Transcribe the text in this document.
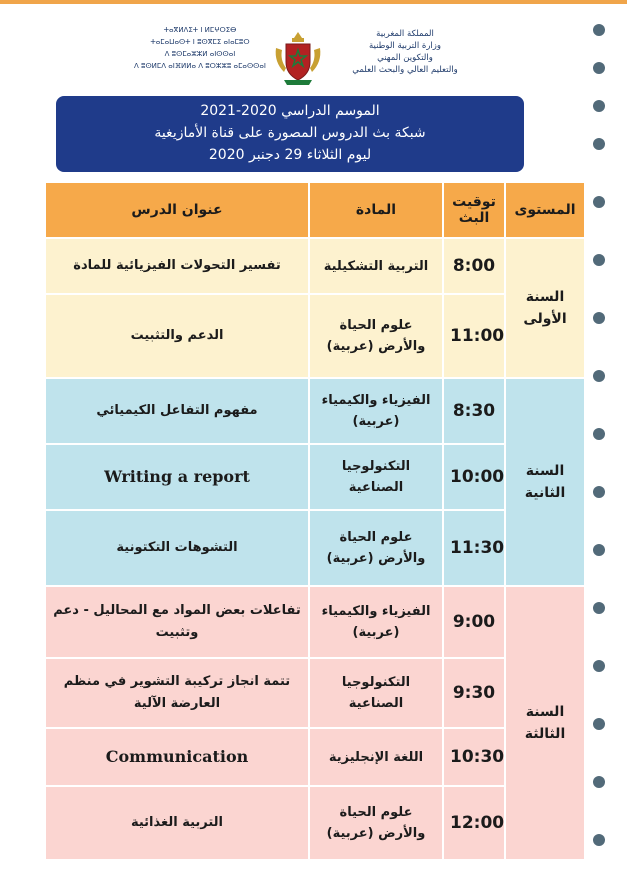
ⵜⴰⴳⵍⴷⵉⵜ ⵏ ⵍⵎⵖⵔⵉⴱ
ⵜⴰⵎⴰⵡⴰⵙⵜ ⵏ ⵓⵙⴳⵎⵉ ⴰⵏⴰⵎⵓⵔ
ⴷ ⵓⵙⵎⴰⵣⵣⵍ ⴰⵏⵙⵙⴰⵏ
ⴷ ⵓⵙⵍⵎⴷ ⴰⵏⴼⵍⵍⴰ ⴷ ⵓⵔⵣⵣⵓ ⴰⵎⴰⵙⵙⴰⵏ
المملكة المغربية
وزارة التربية الوطنية
والتكوين المهني
والتعليم العالي والبحث العلمي
الموسم الدراسي 2020-2021
شبكة بث الدروس المصورة على قناة الأمازيغية
ليوم الثلاثاء 29 دجنبر 2020
المستوى	توقيت البث	المادة	عنوان الدرس
السنة الأولى	8:00	التربية التشكيلية	تفسير التحولات الفيزيائية للمادة
	11:00	علوم الحياة والأرض (عربية)	الدعم والتثبيت
السنة الثانية	8:30	الفيزياء والكيمياء (عربية)	مفهوم التفاعل الكيميائي
	10:00	التكنولوجيا الصناعية	Writing a report
	11:30	علوم الحياة والأرض (عربية)	التشوهات التكتونية
السنة الثالثة	9:00	الفيزياء والكيمياء (عربية)	تفاعلات بعض المواد مع المحاليل - دعم وتثبيت
	9:30	التكنولوجيا الصناعية	تتمة انجاز تركيبة التشوير في منظم العارضة الآلية
	10:30	اللغة الإنجليزية	Communication
	12:00	علوم الحياة والأرض (عربية)	التربية الغذائية
